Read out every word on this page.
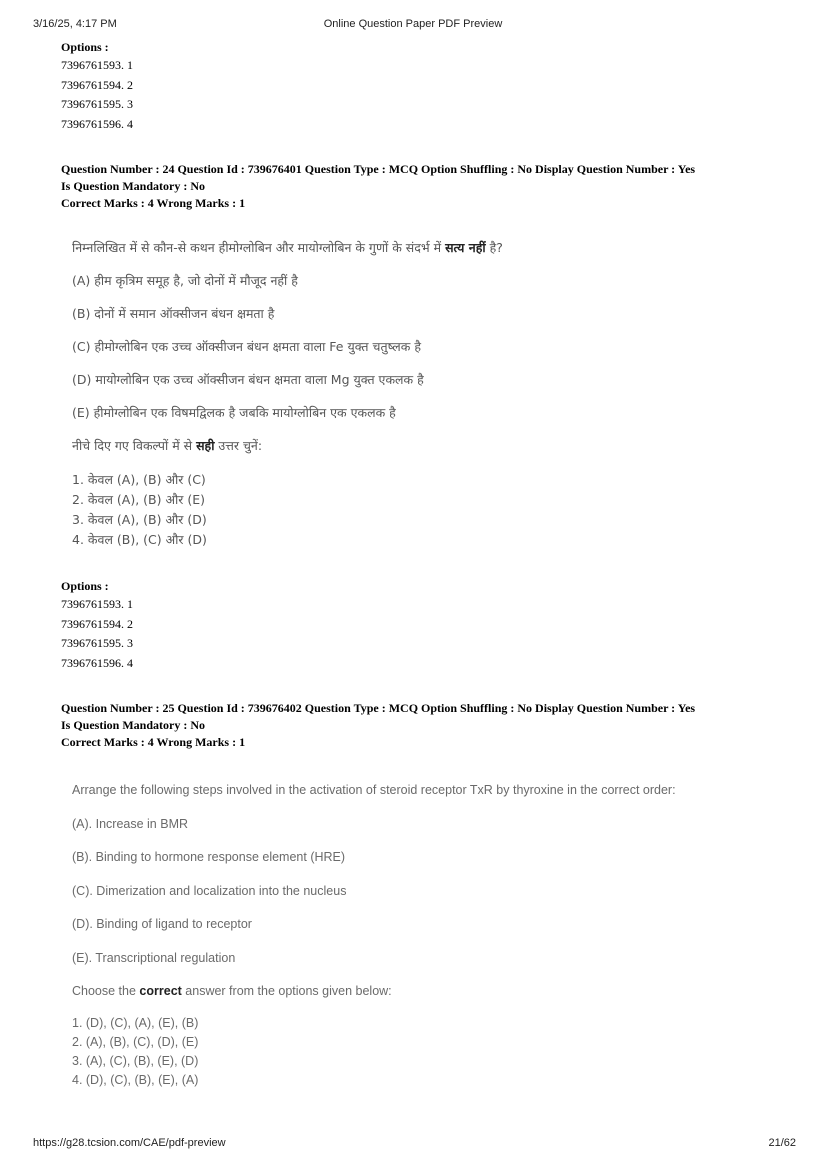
3/16/25, 4:17 PM	Online Question Paper PDF Preview
Options :
7396761593. 1
7396761594. 2
7396761595. 3
7396761596. 4
Question Number : 24 Question Id : 739676401 Question Type : MCQ Option Shuffling : No Display Question Number : Yes
Is Question Mandatory : No
Correct Marks : 4 Wrong Marks : 1
निम्नलिखित में से कौन-से कथन हीमोग्लोबिन और मायोग्लोबिन के गुणों के संदर्भ में सत्य नहीं है?
(A) हीम कृत्रिम समूह है, जो दोनों में मौजूद नहीं है
(B) दोनों में समान ऑक्सीजन बंधन क्षमता है
(C) हीमोग्लोबिन एक उच्च ऑक्सीजन बंधन क्षमता वाला Fe युक्त चतुष्लक है
(D) मायोग्लोबिन एक उच्च ऑक्सीजन बंधन क्षमता वाला Mg युक्त एकलक है
(E) हीमोग्लोबिन एक विषमद्विलक है जबकि मायोग्लोबिन एक एकलक है
नीचे दिए गए विकल्पों में से सही उत्तर चुनें:
1. केवल (A), (B) और (C)
2. केवल (A), (B) और (E)
3. केवल (A), (B) और (D)
4. केवल (B), (C) और (D)
Options :
7396761593. 1
7396761594. 2
7396761595. 3
7396761596. 4
Question Number : 25 Question Id : 739676402 Question Type : MCQ Option Shuffling : No Display Question Number : Yes
Is Question Mandatory : No
Correct Marks : 4 Wrong Marks : 1
Arrange the following steps involved in the activation of steroid receptor TxR by thyroxine in the correct order:
(A). Increase in BMR
(B). Binding to hormone response element (HRE)
(C). Dimerization and localization into the nucleus
(D). Binding of ligand to receptor
(E). Transcriptional regulation
Choose the correct answer from the options given below:
1. (D), (C), (A), (E), (B)
2. (A), (B), (C), (D), (E)
3. (A), (C), (B), (E), (D)
4. (D), (C), (B), (E), (A)
https://g28.tcsion.com/CAE/pdf-preview	21/62
